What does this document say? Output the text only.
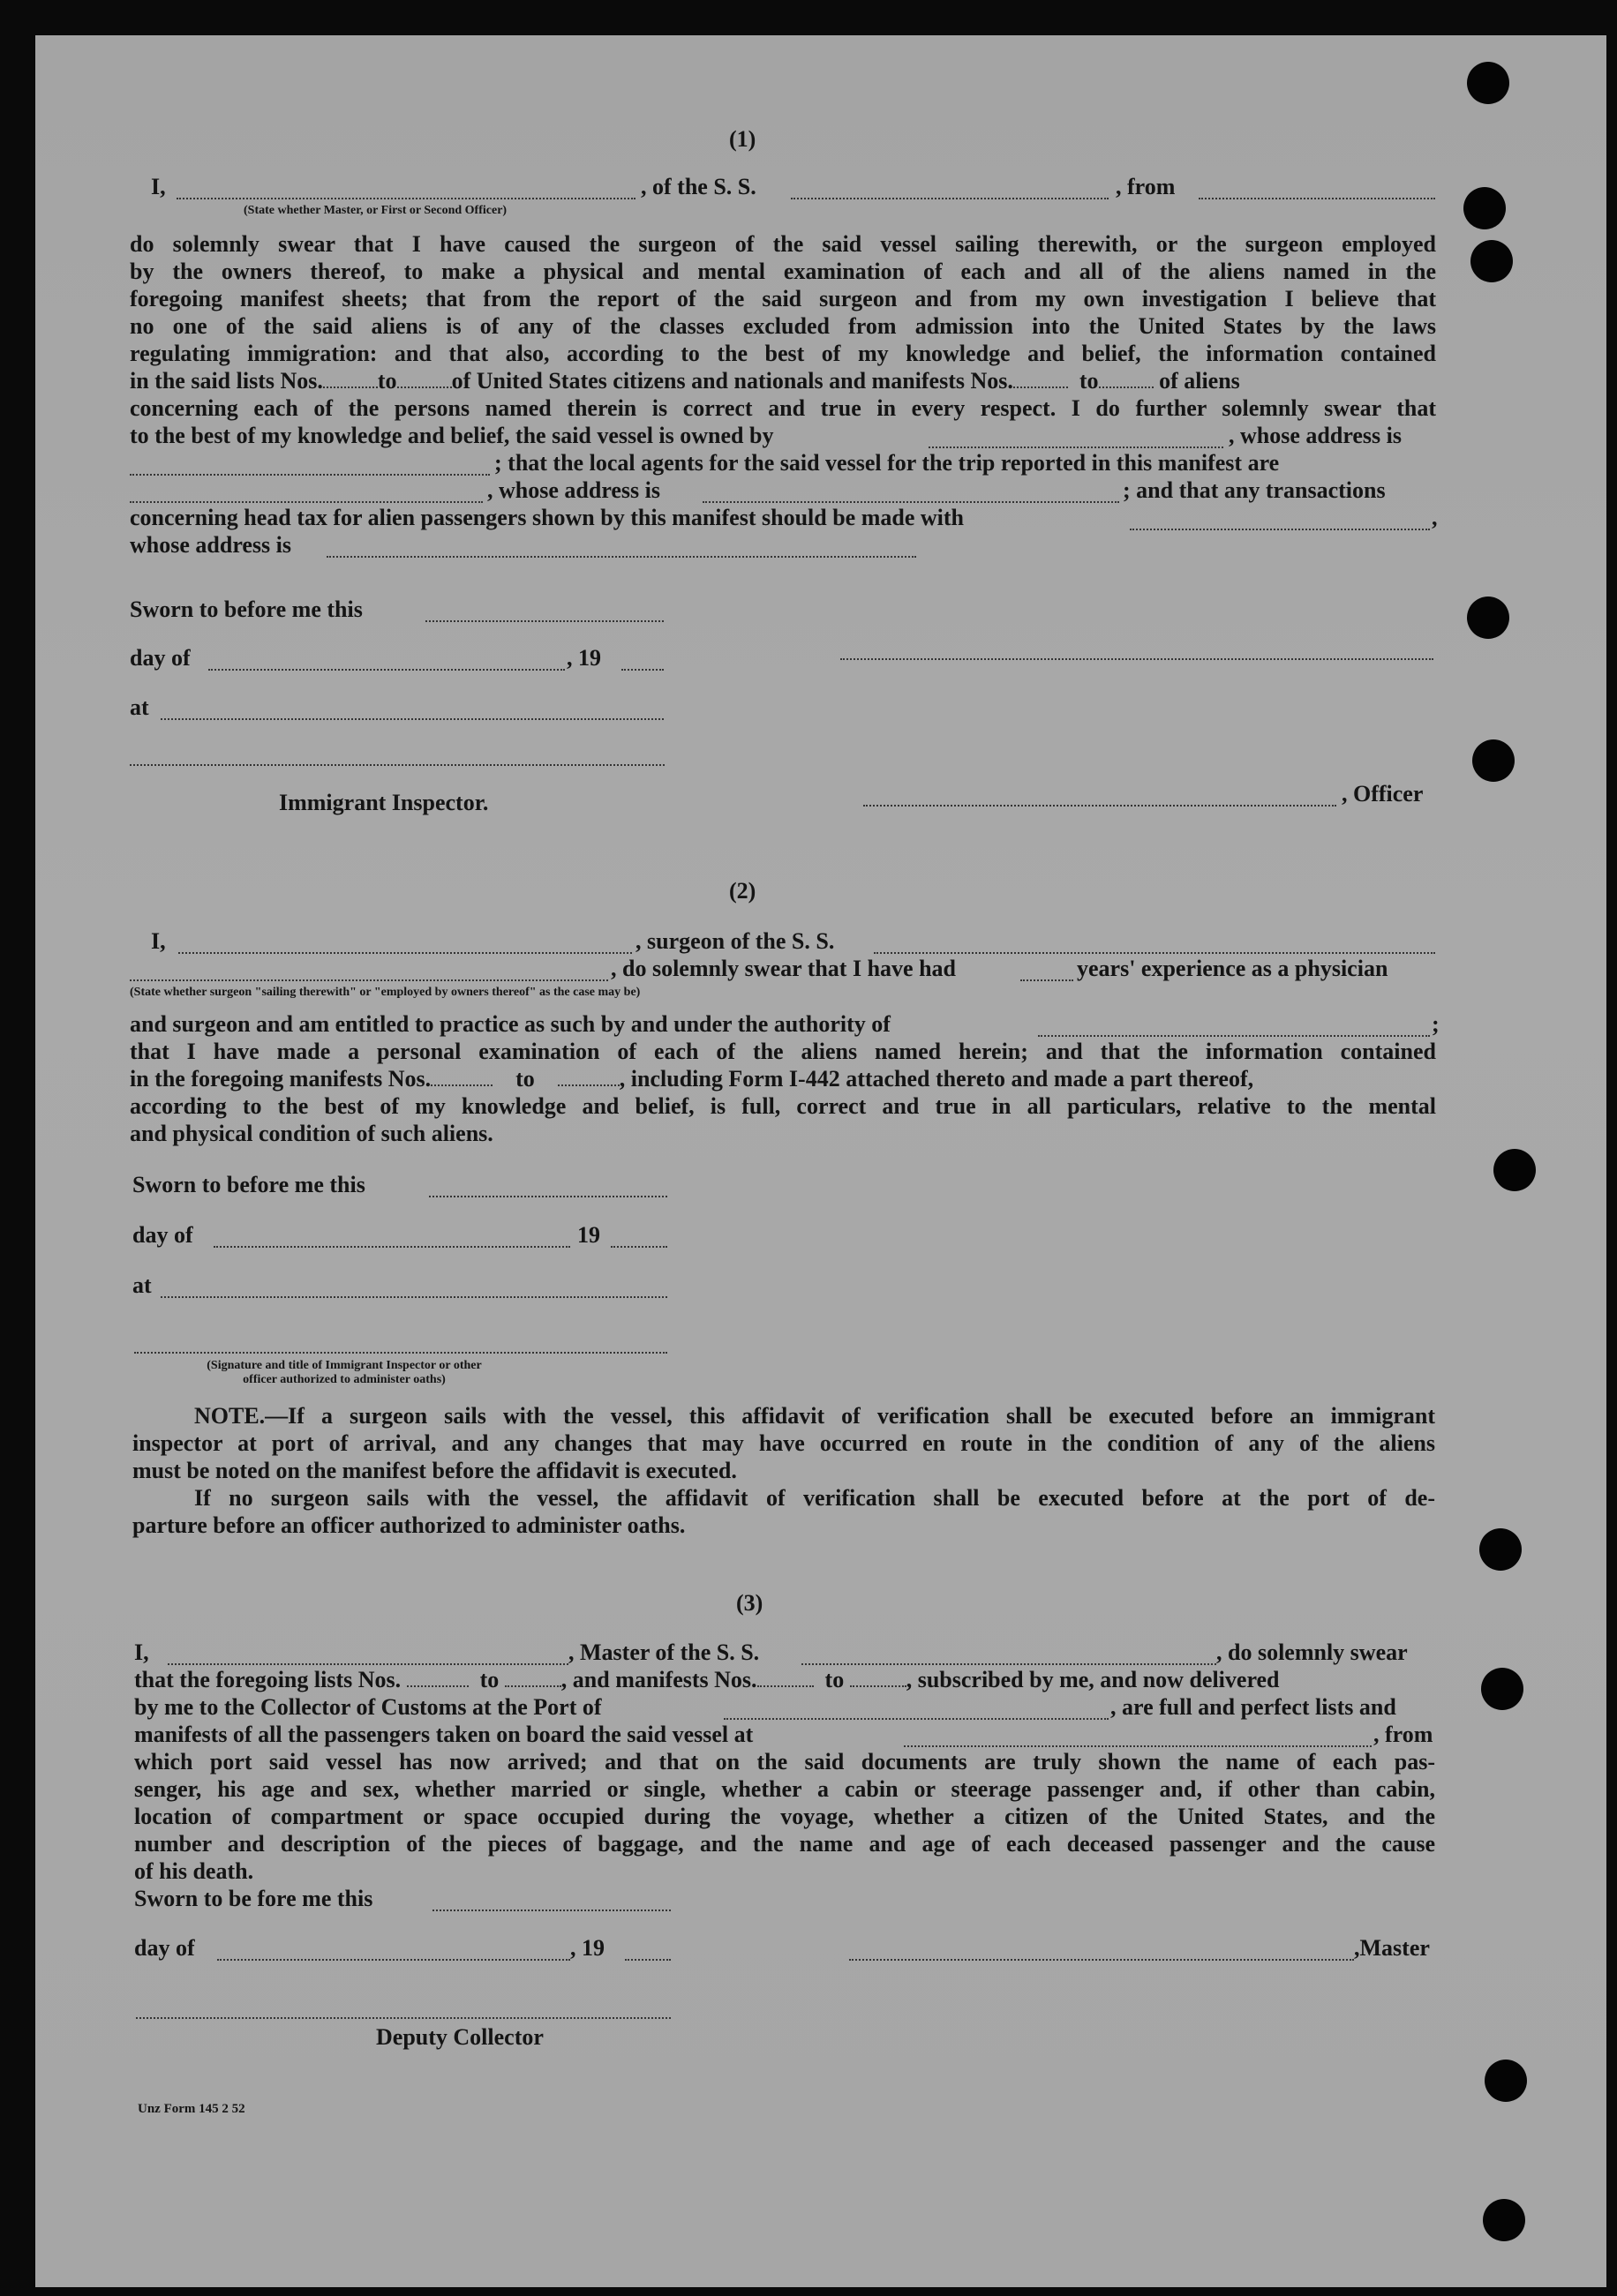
(1)
I,	, of the S. S.	, from
(State whether Master, or First or Second Officer)
do solemnly swear that I have caused the surgeon of the said vessel sailing therewith, or the surgeon employed
by the owners thereof, to make a physical and mental examination of each and all of the aliens named in the
foregoing manifest sheets; that from the report of the said surgeon and from my own investigation I believe that
no one of the said aliens is of any of the classes excluded from admission into the United States by the laws
regulating immigration: and that also, according to the best of my knowledge and belief, the information contained
in the said lists Nos. to of United States citizens and nationals and manifests Nos.	to	of aliens
concerning each of the persons named therein is correct and true in every respect. I do further solemnly swear that
to the best of my knowledge and belief, the said vessel is owned by	, whose address is
; that the local agents for the said vessel for the trip reported in this manifest are
, whose address is	; and that any transactions
concerning head tax for alien passengers shown by this manifest should be made with	,
whose address is
Sworn to before me this
day of	, 19
at
Immigrant Inspector.	, Officer
(2)
I,	, surgeon of the S. S.
, do solemnly swear that I have had	years' experience as a physician
(State whether surgeon "sailing therewith" or "employed by owners thereof" as the case may be)
and surgeon and am entitled to practice as such by and under the authority of	;
that I have made a personal examination of each of the aliens named herein; and that the information contained
in the foregoing manifests Nos.	to	, including Form I-442 attached thereto and made a part thereof,
according to the best of my knowledge and belief, is full, correct and true in all particulars, relative to the mental
and physical condition of such aliens.
Sworn to before me this
day of	19
at
(Signature and title of Immigrant Inspector or other
officer authorized to administer oaths)
NOTE.—If a surgeon sails with the vessel, this affidavit of verification shall be executed before an immigrant
inspector at port of arrival, and any changes that may have occurred en route in the condition of any of the aliens
must be noted on the manifest before the affidavit is executed.
If no surgeon sails with the vessel, the affidavit of verification shall be executed before at the port of de-
parture before an officer authorized to administer oaths.
(3)
I,	, Master of the S. S.	, do solemnly swear
that the foregoing lists Nos.	to	, and manifests Nos.	to	, subscribed by me, and now delivered
by me to the Collector of Customs at the Port of	, are full and perfect lists and
manifests of all the passengers taken on board the said vessel at	, from
which port said vessel has now arrived; and that on the said documents are truly shown the name of each pas-
senger, his age and sex, whether married or single, whether a cabin or steerage passenger and, if other than cabin,
location of compartment or space occupied during the voyage, whether a citizen of the United States, and the
number and description of the pieces of baggage, and the name and age of each deceased passenger and the cause
of his death.
Sworn to be fore me this
day of	, 19	,Master
Deputy Collector
Unz Form 145 2 52
